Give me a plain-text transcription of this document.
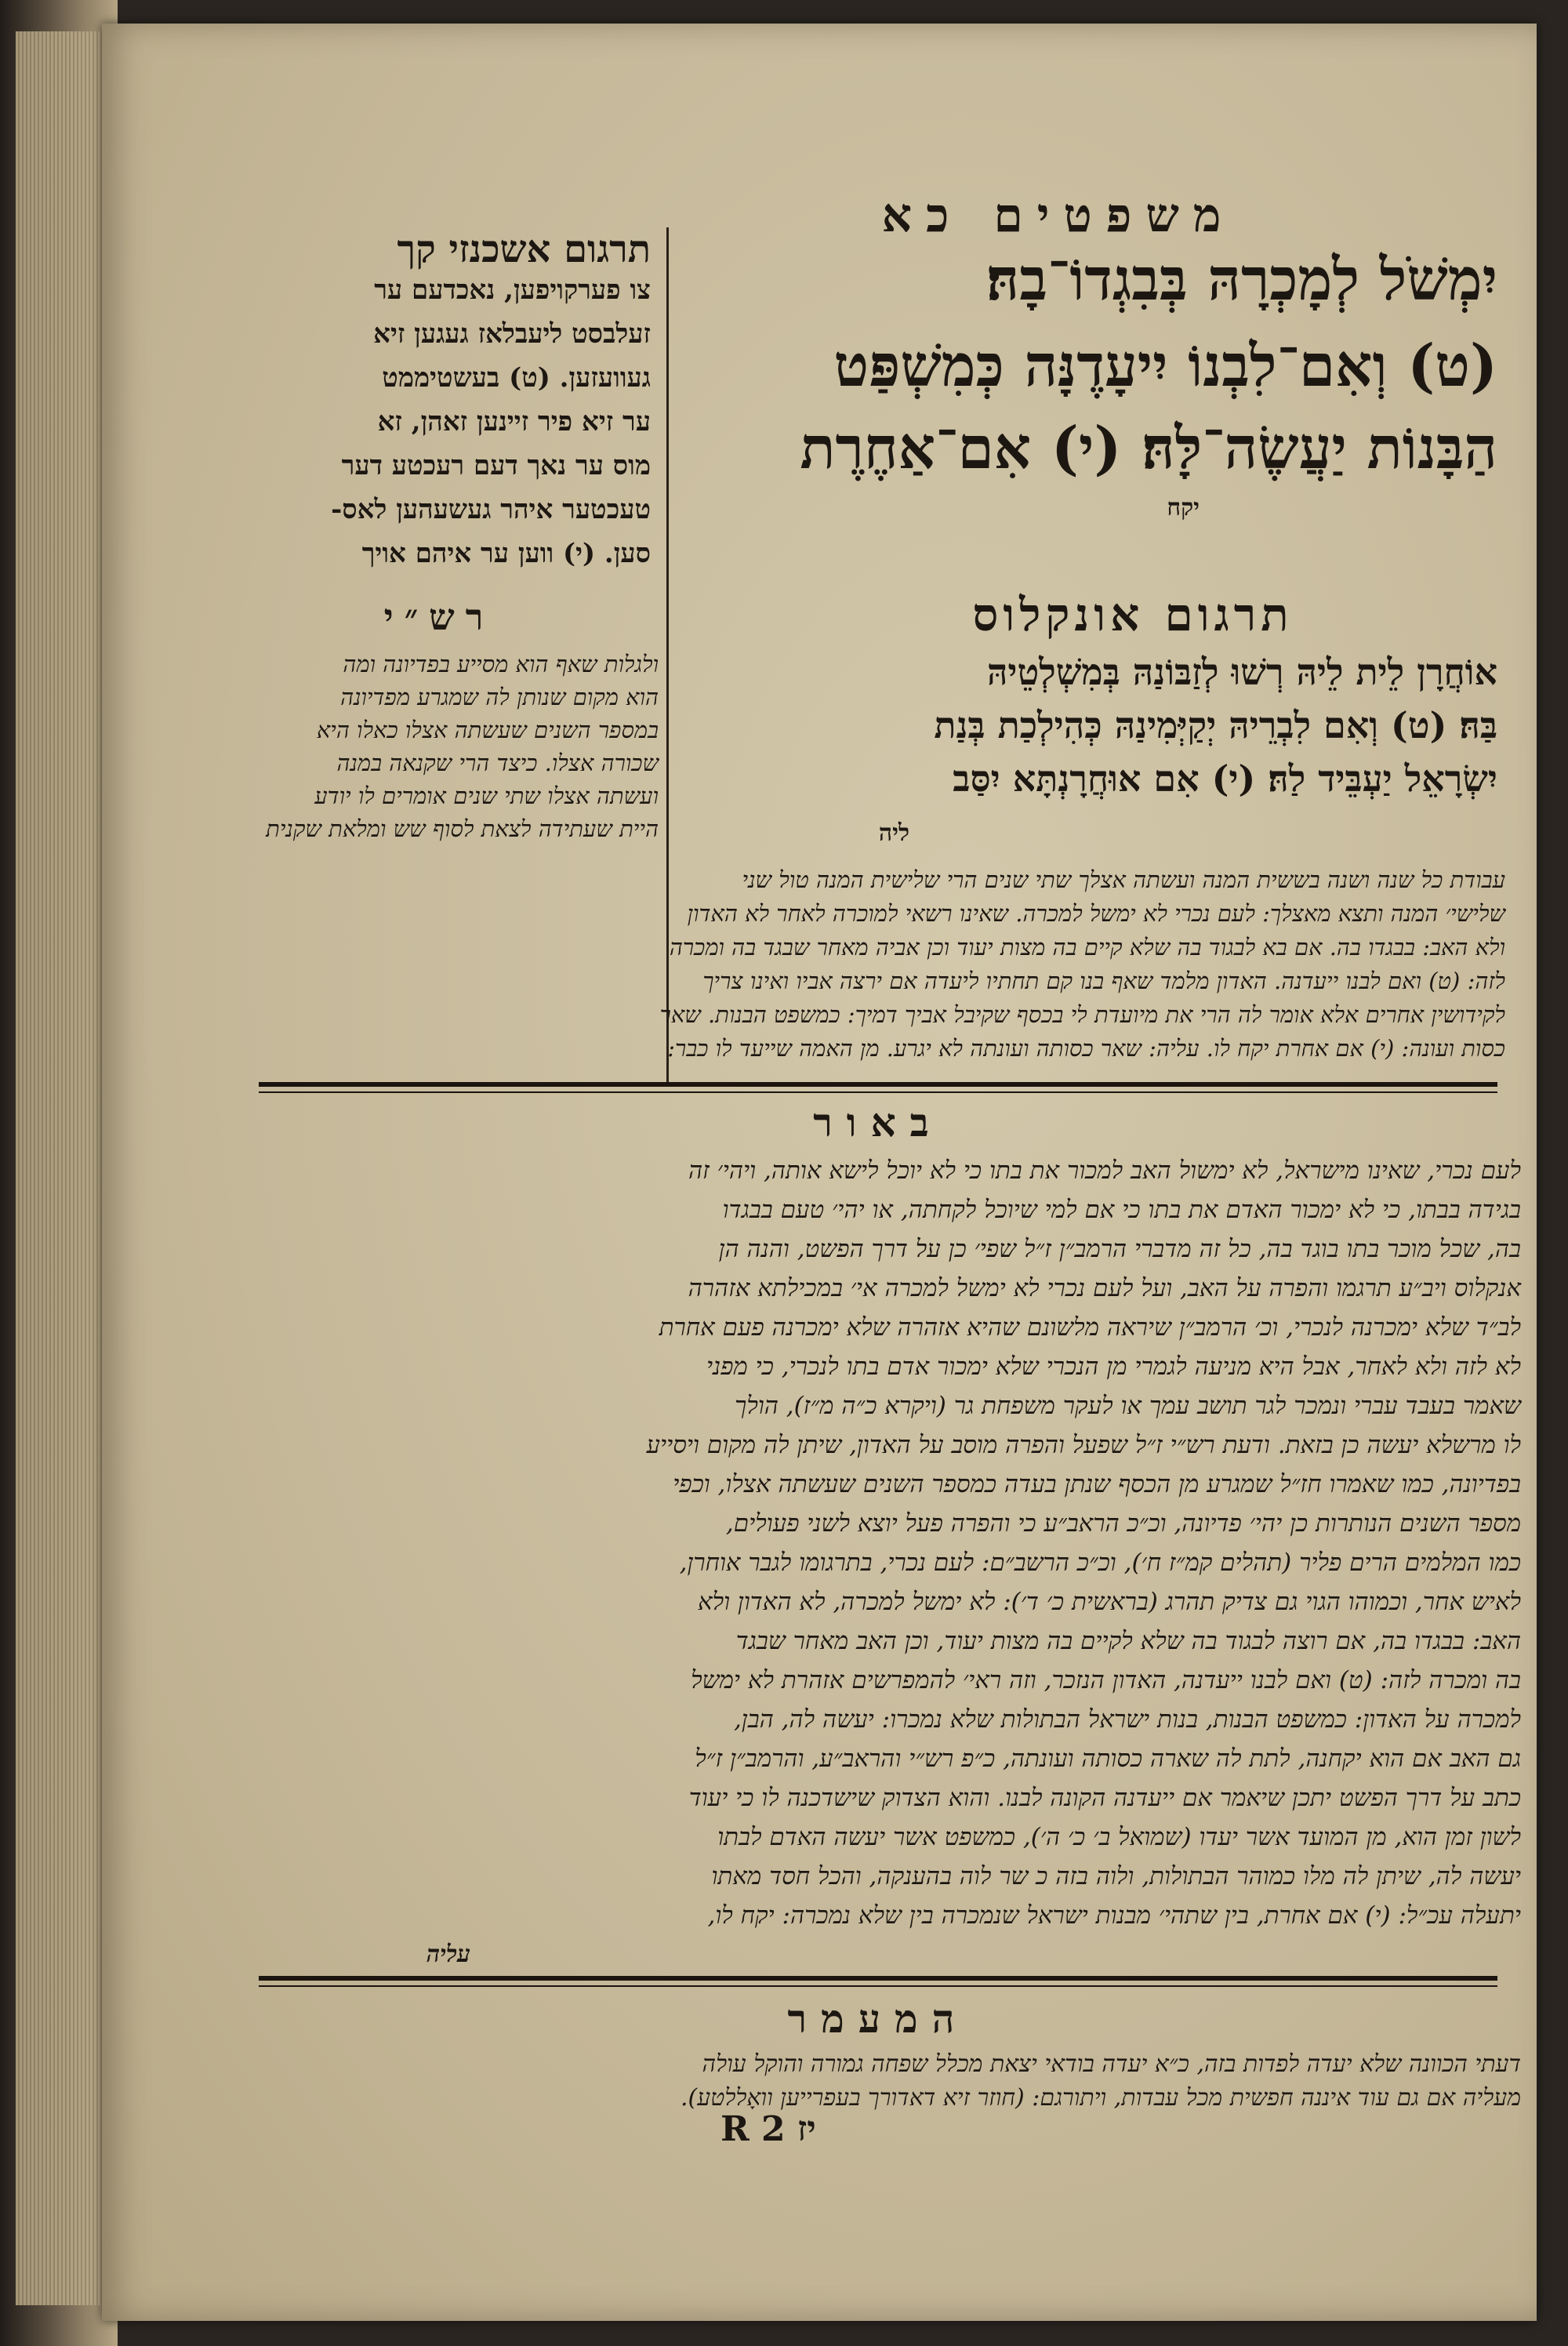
משפטים כא
תרגום אשכנזי קך	יִמְשֹׁל לְמָכְרָהּ בְּבִגְדוֹ־בָהּ׃
(ט) וְאִם־לִבְנוֹ יִיעָדֶנָּה כְּמִשְׁפַּט
הַבָּנוֹת יַעֲשֶׂה־לָּהּ׃ (י) אִם־אַחֶרֶת
יקח
תרגום אונקלוס
אוֹחֲרָן לֵית לֵיהּ רְשׁוּ לְזַבּוֹנַהּ בְּמִשְׁלְטֵיהּ
בַּהּ׃ (ט) וְאִם לִבְרֵיהּ יְקַיְּמִינַהּ כְּהִילְכַת בְּנַת
יִשְׂרָאֵל יַעְבֵּיד לַהּ׃ (י) אִם אוּחֲרָנְתָּא יִסַּב
ליה
צו פערקויפען, נאכדעם ער
זעלבסט ליעבלאז געגען זיא
געוועזען. (ט) בעשטיממט
ער זיא פיר זיינען זאהן, זא
מוס ער נאך דעם רעכטע דער
טעכטער איהר געשעהען לאס-
סען. (י) ווען ער איהם אויך
רש״י
ולגלות שאף הוא מסייע בפדיונה ומה
הוא מקום שנותן לה שמגרע מפדיונה
במספר השנים שעשתה אצלו כאלו היא
שכורה אצלו. כיצד הרי שקנאה במנה
ועשתה אצלו שתי שנים אומרים לו יודע
היית שעתידה לצאת לסוף שש ומלאת שקנית
עבודת כל שנה ושנה בששית המנה ועשתה אצלך שתי שנים הרי שלישית המנה טול שני
שלישי׳ המנה ותצא מאצלך: לעם נכרי לא ימשל למכרה. שאינו רשאי למוכרה לאחר לא האדון
ולא האב: בבגדו בה. אם בא לבגוד בה שלא קיים בה מצות יעוד וכן אביה מאחר שבגד בה ומכרה
לזה: (ט) ואם לבנו ייעדנה. האדון מלמד שאף בנו קם תחתיו ליעדה אם ירצה אביו ואינו צריך
לקידושין אחרים אלא אומר לה הרי את מיועדת לי בכסף שקיבל אביך דמיך: כמשפט הבנות. שאר
כסות ועונה: (י) אם אחרת יקח לו. עליה: שאר כסותה ועונתה לא יגרע. מן האמה שייעד לו כבר:
באור
לעם נכרי, שאינו מישראל, לא ימשול האב למכור את בתו כי לא יוכל לישא אותה, ויהי׳ זה
בגידה בבתו, כי לא ימכור האדם את בתו כי אם למי שיוכל לקחתה, או יהי׳ טעם בבגדו
בה, שכל מוכר בתו בוגד בה, כל זה מדברי הרמב״ן ז״ל שפי׳ כן על דרך הפשט, והנה הן
אנקלוס ויב״ע תרגמו והפרה על האב, ועל לעם נכרי לא ימשל למכרה אי׳ במכילתא אזהרה
לב״ד שלא ימכרנה לנכרי, וכ׳ הרמב״ן שיראה מלשונם שהיא אזהרה שלא ימכרנה פעם אחרת
לא לזה ולא לאחר, אבל היא מניעה לגמרי מן הנכרי שלא ימכור אדם בתו לנכרי, כי מפני
שאמר בעבד עברי ונמכר לגר תושב עמך או לעקר משפחת גר (ויקרא כ״ה מ״ז), הולך
לו מרשלא יעשה כן בזאת. ודעת רש״י ז״ל שפעל והפרה מוסב על האדון, שיתן לה מקום ויסייע
בפדיונה, כמו שאמרו חז״ל שמגרע מן הכסף שנתן בעדה כמספר השנים שעשתה אצלו, וכפי
מספר השנים הנותרות כן יהי׳ פדיונה, וכ״כ הראב״ע כי והפרה פעל יוצא לשני פעולים,
כמו המלמים הרים פליר (תהלים קמ״ז ח׳), וכ״כ הרשב״ם: לעם נכרי, בתרגומו לגבר אוחרן,
לאיש אחר, וכמוהו הגוי גם צדיק תהרג (בראשית כ׳ ד׳): לא ימשל למכרה, לא האדון ולא
האב: בבגדו בה, אם רוצה לבגוד בה שלא לקיים בה מצות יעוד, וכן האב מאחר שבגד
בה ומכרה לזה: (ט) ואם לבנו ייעדנה, האדון הנזכר, וזה ראי׳ להמפרשים אזהרת לא ימשל
למכרה על האדון: כמשפט הבנות, בנות ישראל הבתולות שלא נמכרו: יעשה לה, הבן,
גם האב אם הוא יקחנה, לתת לה שארה כסותה ועונתה, כ״פ רש״י והראב״ע, והרמב״ן ז״ל
כתב על דרך הפשט יתכן שיאמר אם ייעדנה הקונה לבנו. והוא הצדוק שישדכנה לו כי יעוד
לשון זמן הוא, מן המועד אשר יעדו (שמואל ב׳ כ׳ ה׳), כמשפט אשר יעשה האדם לבתו
יעשה לה, שיתן לה מלו כמוהר הבתולות, ולוה בזה כ שר לוה בהענקה, והכל חסד מאתו
יתעלה עכ״ל: (י) אם אחרת, בין שתהי׳ מבנות ישראל שנמכרה בין שלא נמכרה: יקח לו,
עליה
המעמר
דעתי הכוונה שלא יעדה לפדות בזה, כ״א יעדה בודאי יצאת מכלל שפחה גמורה והוקל עולה
מעליה אם גם עוד איננה חפשית מכל עבדות, ויתורגם: (חוזר זיא דאדורך בעפרייען וואָללטע).
R 2 יז
